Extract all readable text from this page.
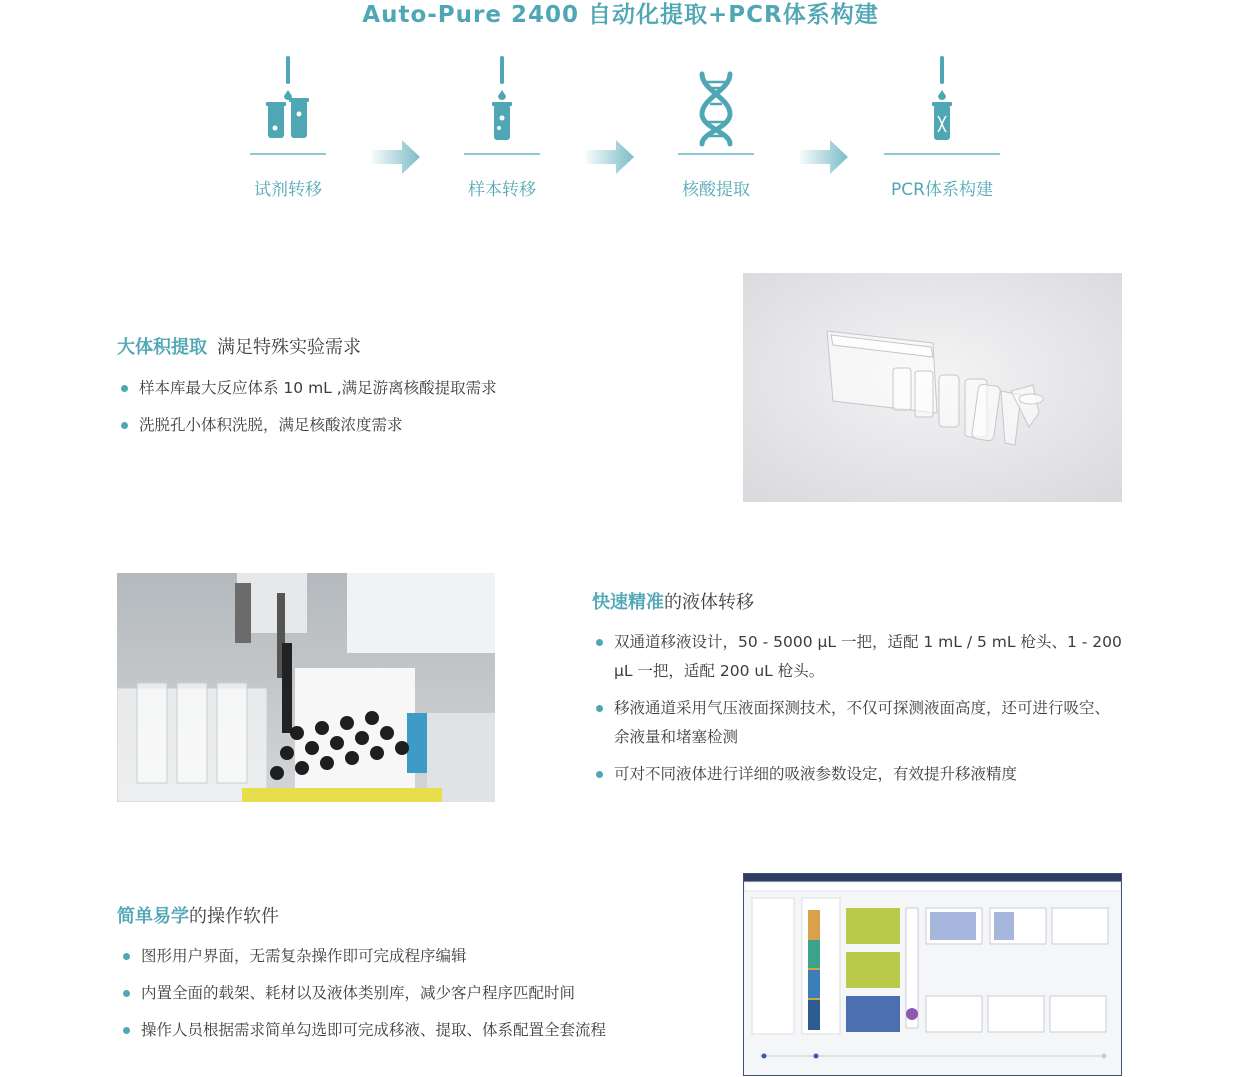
Auto-Pure 2400 自动化提取+PCR体系构建
试剂转移	样本转移	核酸提取	PCR体系构建
大体积提取 满足特殊实验需求
样本库最大反应体系 10 mL ,满足游离核酸提取需求
洗脱孔小体积洗脱，满足核酸浓度需求
快速精准的液体转移
双通道移液设计，50 - 5000 µL 一把，适配 1 mL / 5 mL 枪头、1 - 200 µL 一把，适配 200 uL 枪头。
移液通道采用气压液面探测技术，不仅可探测液面高度，还可进行吸空、余液量和堵塞检测
可对不同液体进行详细的吸液参数设定，有效提升移液精度
简单易学的操作软件
图形用户界面，无需复杂操作即可完成程序编辑
内置全面的载架、耗材以及液体类别库，减少客户程序匹配时间
操作人员根据需求简单勾选即可完成移液、提取、体系配置全套流程
